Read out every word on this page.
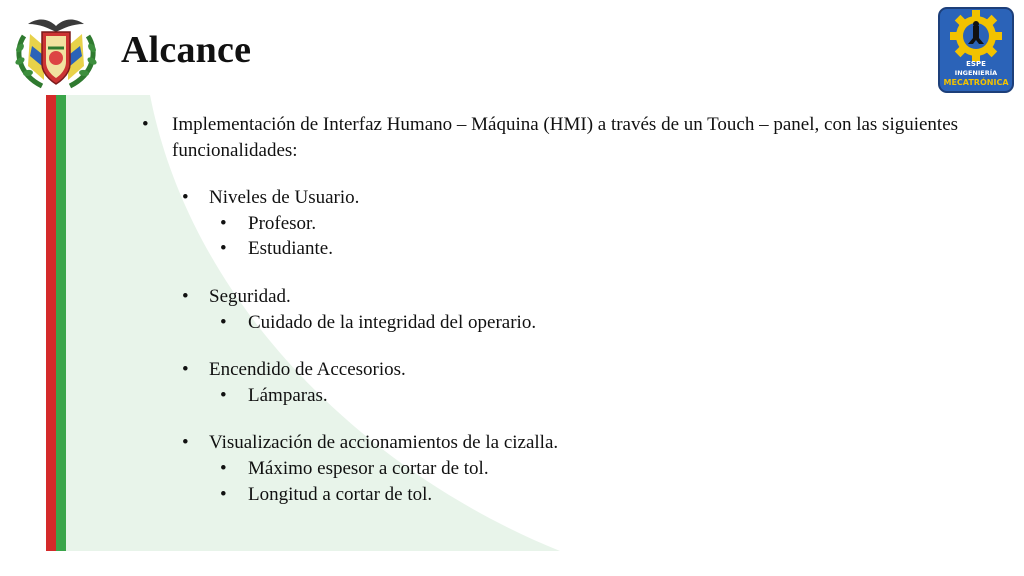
Alcance	ESPE
INGENIERÍA
MECATRÓNICA
• Implementación de Interfaz Humano – Máquina (HMI) a través de un Touch – panel, con las siguientes funcionalidades:
• Niveles de Usuario.
• Profesor.
• Estudiante.
• Seguridad.
• Cuidado de la integridad del operario.
• Encendido de Accesorios.
• Lámparas.
• Visualización de accionamientos de la cizalla.
• Máximo espesor a cortar de tol.
• Longitud a cortar de tol.
